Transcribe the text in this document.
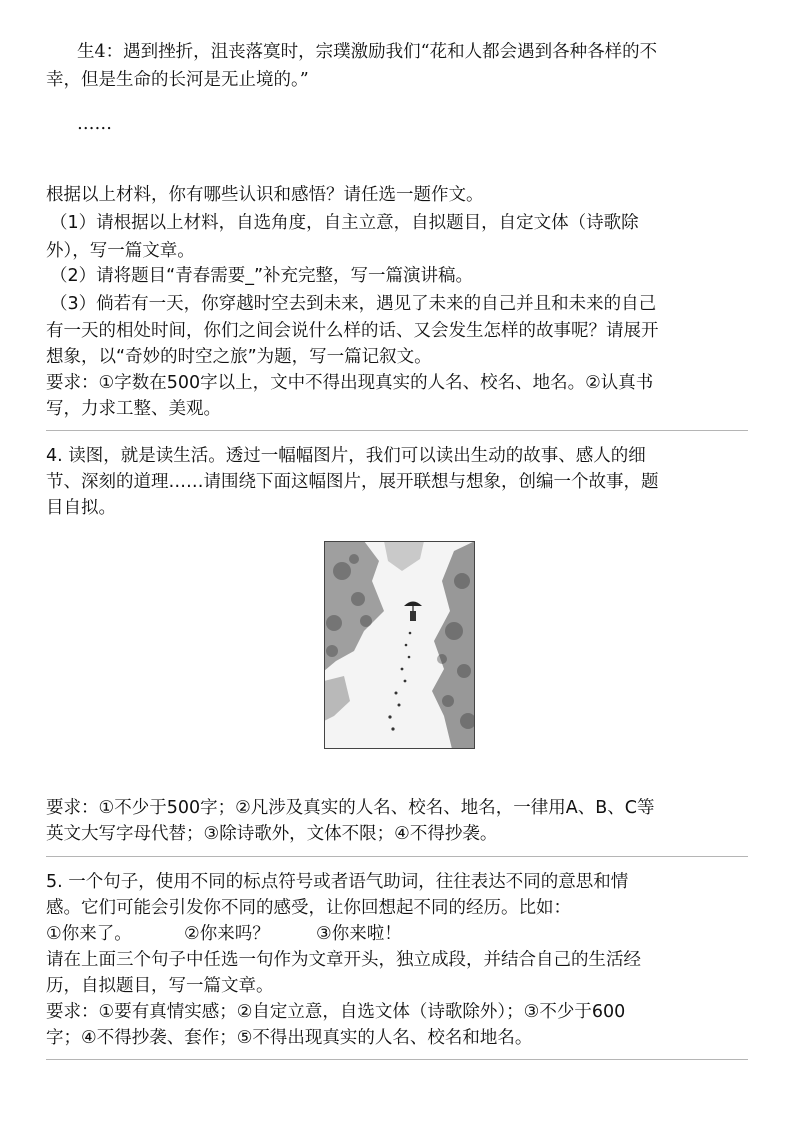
生4：遇到挫折，沮丧落寞时，宗璞激励我们“花和人都会遇到各种各样的不
幸，但是生命的长河是无止境的。”
……
根据以上材料，你有哪些认识和感悟？请任选一题作文。
（1）请根据以上材料，自选角度，自主立意，自拟题目，自定文体（诗歌除
外），写一篇文章。
（2）请将题目“青春需要_”补充完整，写一篇演讲稿。
（3）倘若有一天，你穿越时空去到未来，遇见了未来的自己并且和未来的自己
有一天的相处时间，你们之间会说什么样的话、又会发生怎样的故事呢？请展开
想象，以“奇妙的时空之旅”为题，写一篇记叙文。
要求：①字数在500字以上，文中不得出现真实的人名、校名、地名。②认真书
写，力求工整、美观。
4. 读图，就是读生活。透过一幅幅图片，我们可以读出生动的故事、感人的细
节、深刻的道理……请围绕下面这幅图片，展开联想与想象，创编一个故事，题
目自拟。
要求：①不少于500字；②凡涉及真实的人名、校名、地名，一律用A、B、C等
英文大写字母代替；③除诗歌外，文体不限；④不得抄袭。
5. 一个句子，使用不同的标点符号或者语气助词，往往表达不同的意思和情
感。它们可能会引发你不同的感受，让你回想起不同的经历。比如：
①你来了。	②你来吗？	③你来啦！
请在上面三个句子中任选一句作为文章开头，独立成段，并结合自己的生活经
历，自拟题目，写一篇文章。
要求：①要有真情实感；②自定立意，自选文体（诗歌除外）；③不少于600
字；④不得抄袭、套作；⑤不得出现真实的人名、校名和地名。
